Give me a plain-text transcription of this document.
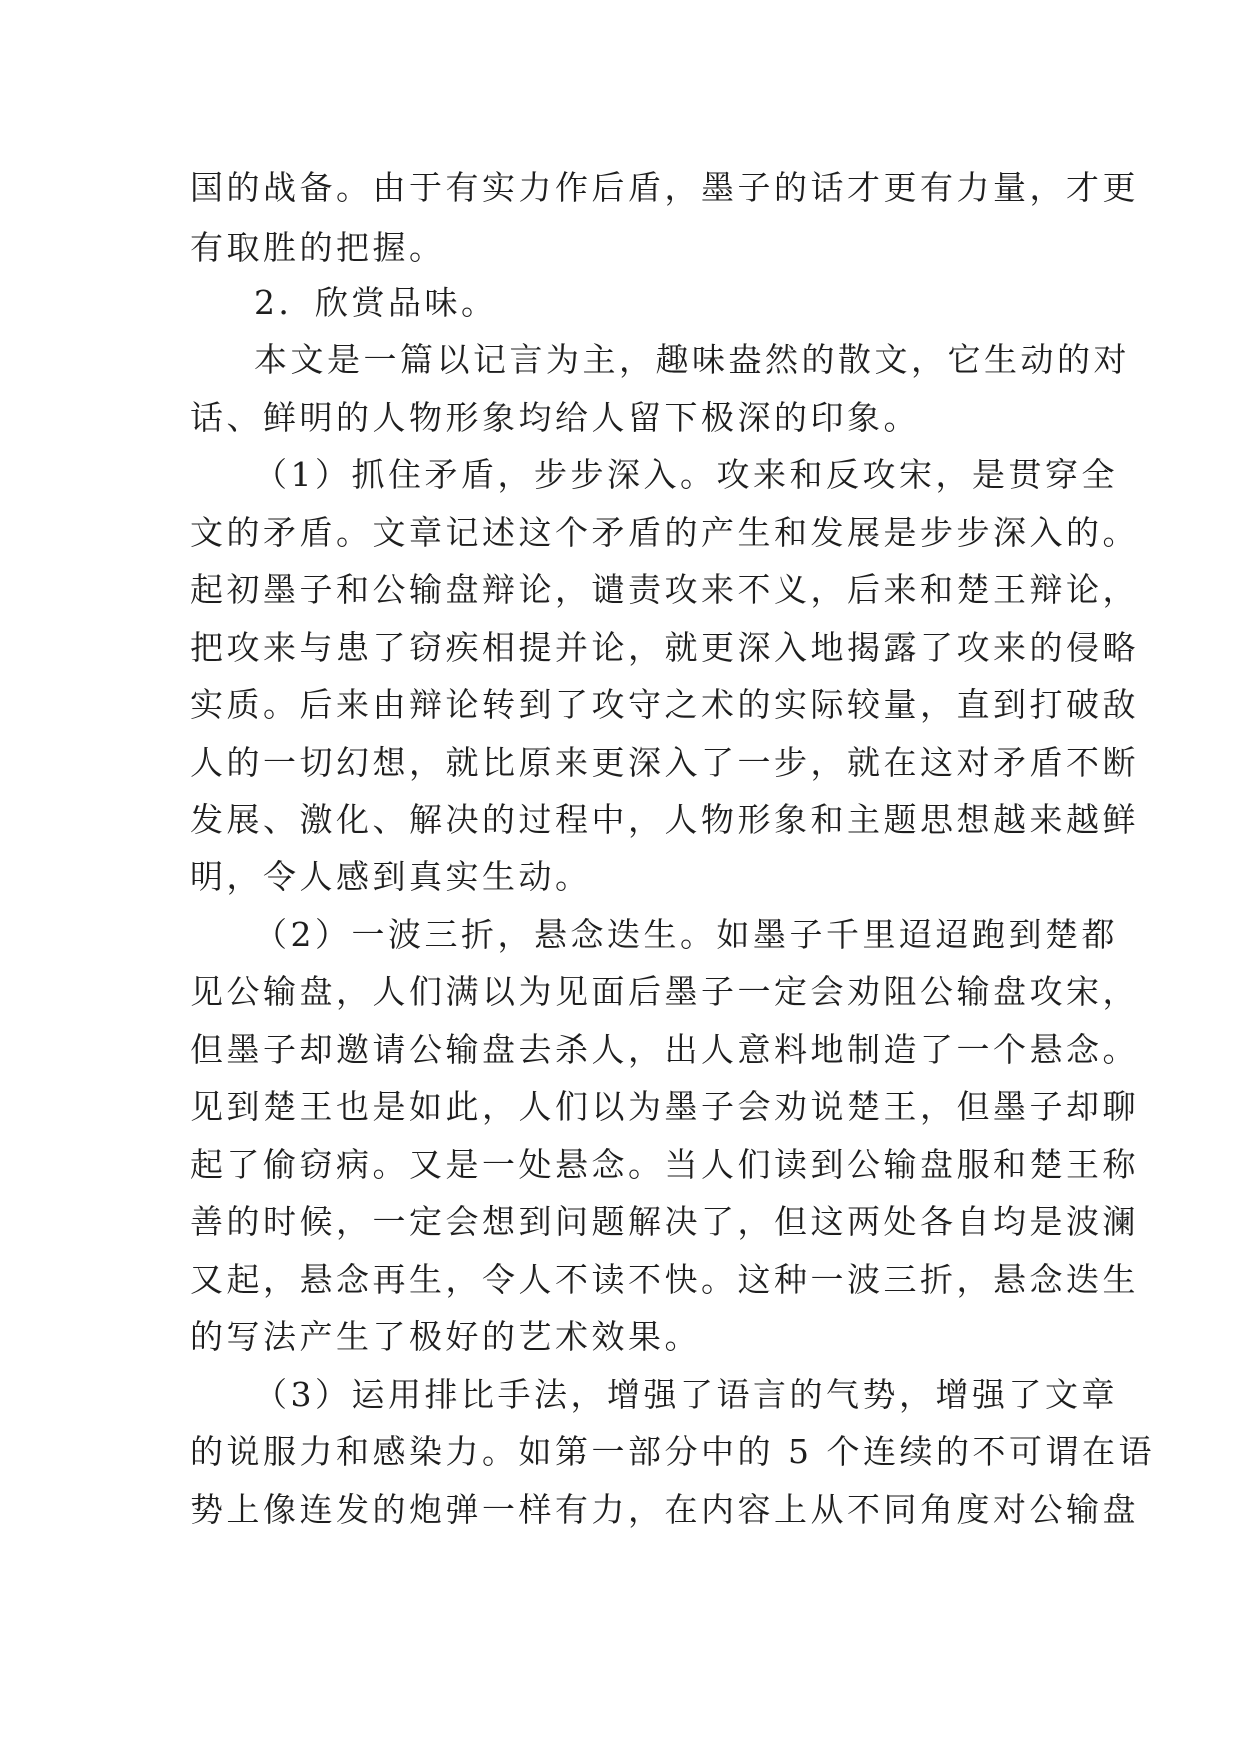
国的战备。由于有实力作后盾，墨子的话才更有力量，才更
有取胜的把握。
2．欣赏品味。
本文是一篇以记言为主，趣味盎然的散文，它生动的对
话、鲜明的人物形象均给人留下极深的印象。
（1）抓住矛盾，步步深入。攻来和反攻宋，是贯穿全
文的矛盾。文章记述这个矛盾的产生和发展是步步深入的。
起初墨子和公输盘辩论，谴责攻来不义，后来和楚王辩论，
把攻来与患了窃疾相提并论，就更深入地揭露了攻来的侵略
实质。后来由辩论转到了攻守之术的实际较量，直到打破敌
人的一切幻想，就比原来更深入了一步，就在这对矛盾不断
发展、激化、解决的过程中，人物形象和主题思想越来越鲜
明，令人感到真实生动。
（2）一波三折，悬念迭生。如墨子千里迢迢跑到楚都
见公输盘，人们满以为见面后墨子一定会劝阻公输盘攻宋，
但墨子却邀请公输盘去杀人，出人意料地制造了一个悬念。
见到楚王也是如此，人们以为墨子会劝说楚王，但墨子却聊
起了偷窃病。又是一处悬念。当人们读到公输盘服和楚王称
善的时候，一定会想到问题解决了，但这两处各自均是波澜
又起，悬念再生，令人不读不快。这种一波三折，悬念迭生
的写法产生了极好的艺术效果。
（3）运用排比手法，增强了语言的气势，增强了文章
的说服力和感染力。如第一部分中的 5 个连续的不可谓在语
势上像连发的炮弹一样有力，在内容上从不同角度对公输盘
